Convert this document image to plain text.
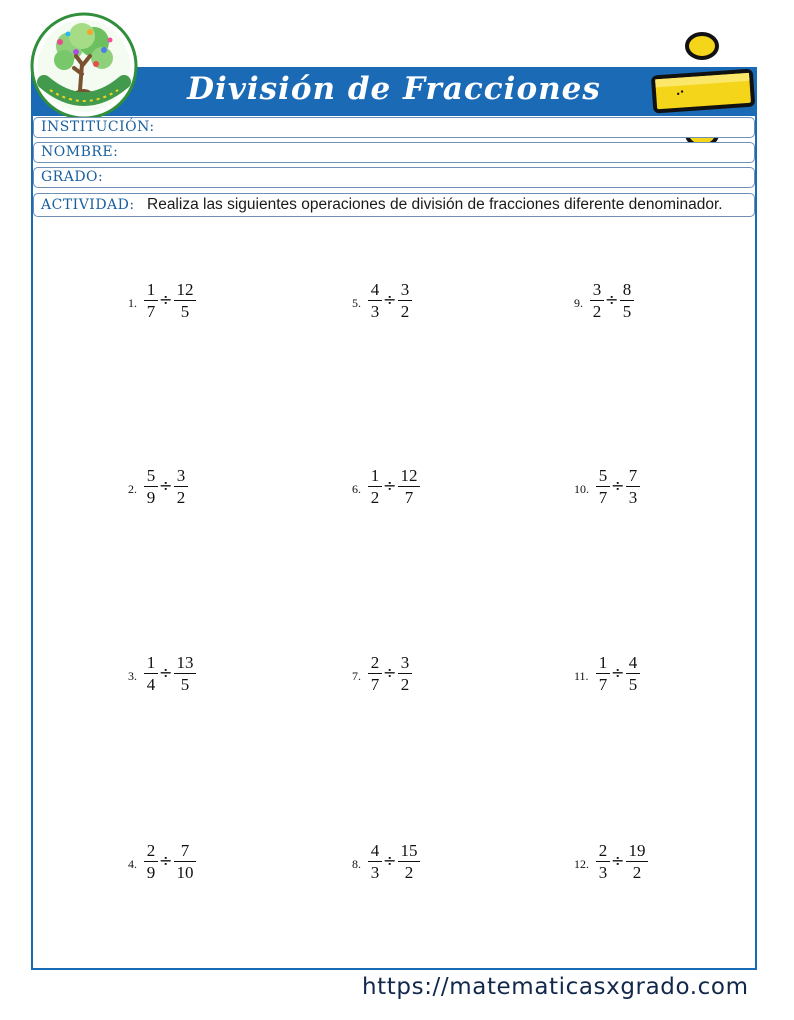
División de Fracciones
INSTITUCIÓN:
NOMBRE:
GRADO:
ACTIVIDAD: Realiza las siguientes operaciones de división de fracciones diferente denominador.
1.
1
7
÷
12
5
2.
5
9
÷
3
2
3.
1
4
÷
13
5
4.
2
9
÷
7
10
5.
4
3
÷
3
2
6.
1
2
÷
12
7
7.
2
7
÷
3
2
8.
4
3
÷
15
2
9.
3
2
÷
8
5
10.
5
7
÷
7
3
11.
1
7
÷
4
5
12.
2
3
÷
19
2
https://matematicasxgrado.com
